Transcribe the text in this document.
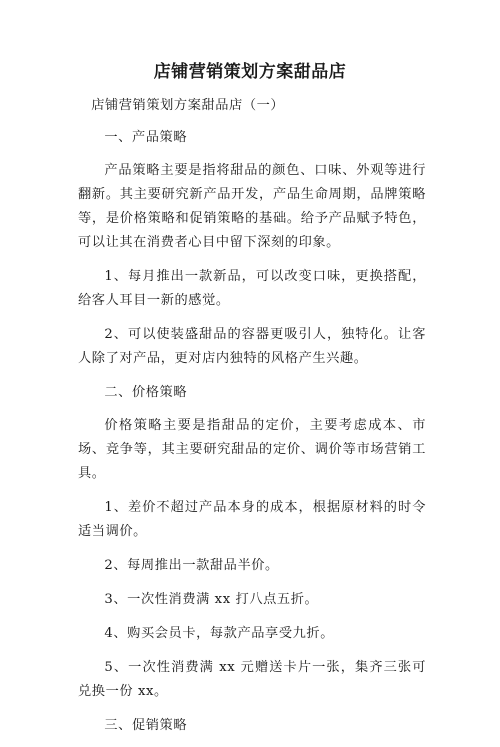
店铺营销策划方案甜品店

店铺营销策划方案甜品店（一）

一、产品策略

产品策略主要是指将甜品的颜色、口味、外观等进行翻新。其主要研究新产品开发，产品生命周期，品牌策略等，是价格策略和促销策略的基础。给予产品赋予特色，可以让其在消费者心目中留下深刻的印象。

1、每月推出一款新品，可以改变口味，更换搭配，给客人耳目一新的感觉。

2、可以使装盛甜品的容器更吸引人，独特化。让客人除了对产品，更对店内独特的风格产生兴趣。

二、价格策略

价格策略主要是指甜品的定价，主要考虑成本、市场、竞争等，其主要研究甜品的定价、调价等市场营销工具。

1、差价不超过产品本身的成本，根据原材料的时令适当调价。

2、每周推出一款甜品半价。

3、一次性消费满 xx 打八点五折。

4、购买会员卡，每款产品享受九折。

5、一次性消费满 xx 元赠送卡片一张，集齐三张可兑换一份 xx。

三、促销策略
